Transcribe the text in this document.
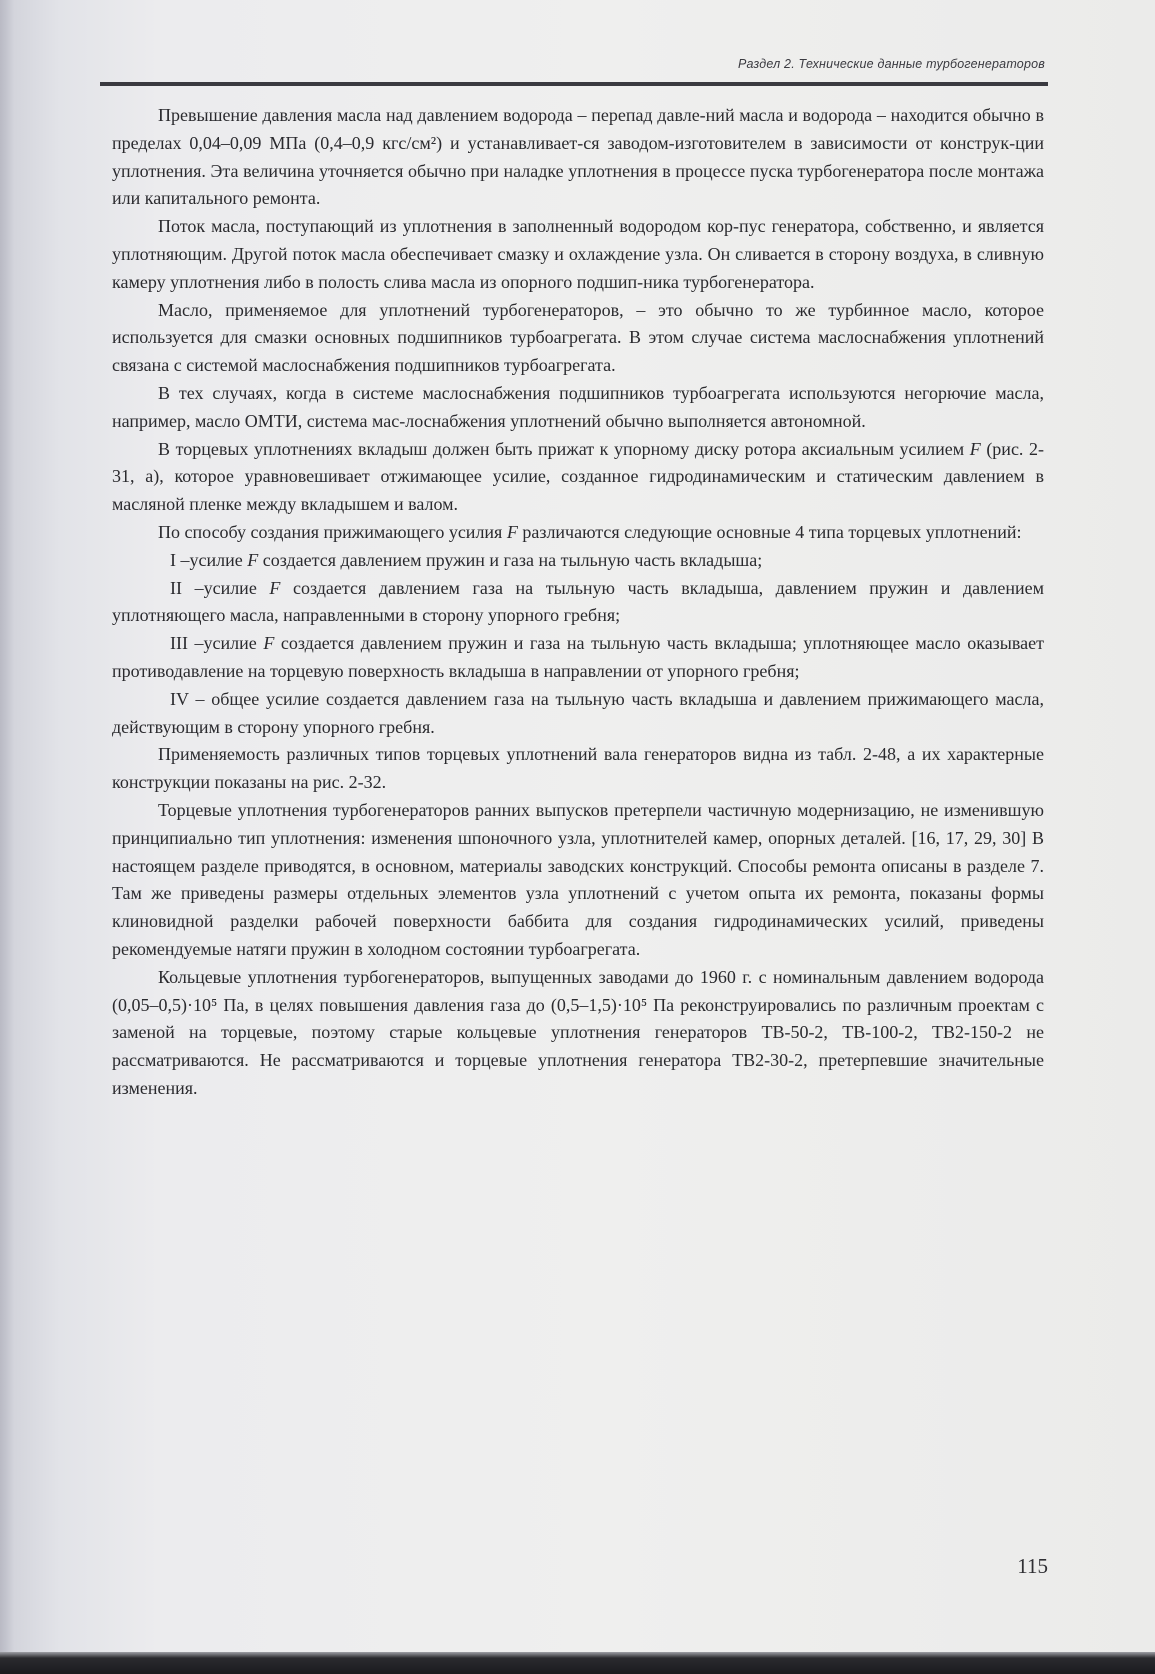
Раздел 2. Технические данные турбогенераторов

Превышение давления масла над давлением водорода – перепад давле-ний масла и водорода – находится обычно в пределах 0,04–0,09 МПа (0,4–0,9 кгс/см²) и устанавливает-ся заводом-изготовителем в зависимости от конструк-ции уплотнения. Эта величина уточняется обычно при наладке уплотнения в процессе пуска турбогенератора после монтажа или капитального ремонта.

Поток масла, поступающий из уплотнения в заполненный водородом кор-пус генератора, собственно, и является уплотняющим. Другой поток масла обеспечивает смазку и охлаждение узла. Он сливается в сторону воздуха, в сливную камеру уплотнения либо в полость слива масла из опорного подшип-ника турбогенератора.

Масло, применяемое для уплотнений турбогенераторов, – это обычно то же турбинное масло, которое используется для смазки основных подшипников турбоагрегата. В этом случае система маслоснабжения уплотнений связана с системой маслоснабжения подшипников турбоагрегата.

В тех случаях, когда в системе маслоснабжения подшипников турбоагрегата используются негорючие масла, например, масло ОМТИ, система мас-лоснабжения уплотнений обычно выполняется автономной.

В торцевых уплотнениях вкладыш должен быть прижат к упорному диску ротора аксиальным усилием F (рис. 2-31, а), которое уравновешивает отжимающее усилие, созданное гидродинамическим и статическим давлением в масляной пленке между вкладышем и валом.

По способу создания прижимающего усилия F различаются следующие основные 4 типа торцевых уплотнений:

I –усилие F создается давлением пружин и газа на тыльную часть вкладыша;

II –усилие F создается давлением газа на тыльную часть вкладыша, давлением пружин и давлением уплотняющего масла, направленными в сторону упорного гребня;

III –усилие F создается давлением пружин и газа на тыльную часть вкладыша; уплотняющее масло оказывает противодавление на торцевую поверхность вкладыша в направлении от упорного гребня;

IV – общее усилие создается давлением газа на тыльную часть вкладыша и давлением прижимающего масла, действующим в сторону упорного гребня.

Применяемость различных типов торцевых уплотнений вала генераторов видна из табл. 2-48, а их характерные конструкции показаны на рис. 2-32.

Торцевые уплотнения турбогенераторов ранних выпусков претерпели частичную модернизацию, не изменившую принципиально тип уплотнения: изменения шпоночного узла, уплотнителей камер, опорных деталей. [16, 17, 29, 30] В настоящем разделе приводятся, в основном, материалы заводских конструкций. Способы ремонта описаны в разделе 7. Там же приведены размеры отдельных элементов узла уплотнений с учетом опыта их ремонта, показаны формы клиновидной разделки рабочей поверхности баббита для создания гидродинамических усилий, приведены рекомендуемые натяги пружин в холодном состоянии турбоагрегата.

Кольцевые уплотнения турбогенераторов, выпущенных заводами до 1960 г. с номинальным давлением водорода (0,05–0,5)·10⁵ Па, в целях повышения давления газа до (0,5–1,5)·10⁵ Па реконструировались по различным проектам с заменой на торцевые, поэтому старые кольцевые уплотнения генераторов ТВ-50-2, ТВ-100-2, ТВ2-150-2 не рассматриваются. Не рассматриваются и торцевые уплотнения генератора ТВ2-30-2, претерпевшие значительные изменения.

115
